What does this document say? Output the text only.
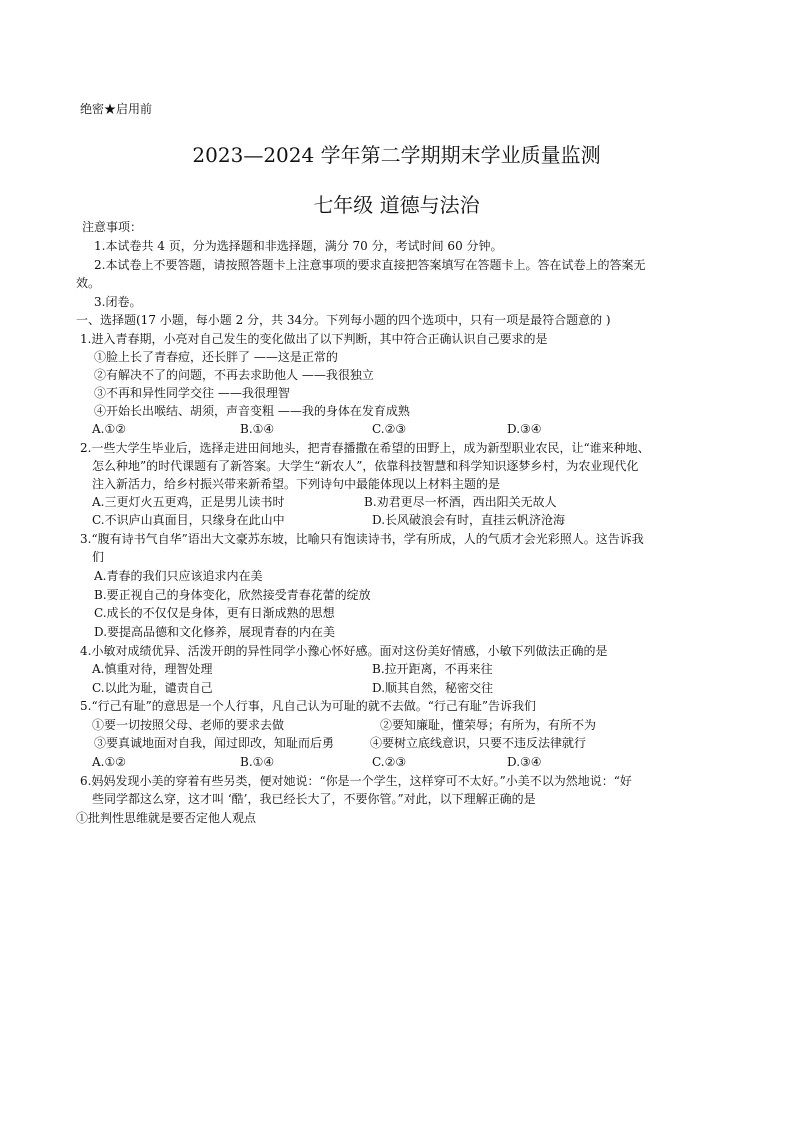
绝密★启用前
2023—2024 学年第二学期期末学业质量监测
七年级 道德与法治
注意事项：
1.本试卷共 4 页，分为选择题和非选择题，满分 70 分，考试时间 60 分钟。
2.本试卷上不要答题，请按照答题卡上注意事项的要求直接把答案填写在答题卡上。答在试卷上的答案无
效。
3.闭卷。
一、选择题(17 小题，每小题 2 分，共 34分。下列每小题的四个选项中，只有一项是最符合题意的 )
1.进入青春期，小亮对自己发生的变化做出了以下判断，其中符合正确认识自己要求的是
①脸上长了青春痘，还长胖了 ——这是正常的
②有解决不了的问题，不再去求助他人 ——我很独立
③不再和异性同学交往 ——我很理智
④开始长出喉结、胡须，声音变粗 ——我的身体在发育成熟
A.①②	B.①④	C.②③	D.③④
2.一些大学生毕业后，选择走进田间地头，把青春播撒在希望的田野上，成为新型职业农民，让“谁来种地、
怎么种地”的时代课题有了新答案。大学生“新农人”，依靠科技智慧和科学知识逐梦乡村，为农业现代化
注入新活力，给乡村振兴带来新希望。下列诗句中最能体现以上材料主题的是
A.三更灯火五更鸡，正是男儿读书时	B.劝君更尽一杯酒，西出阳关无故人
C.不识庐山真面目，只缘身在此山中	D.长风破浪会有时，直挂云帆济沧海
3.“腹有诗书气自华”语出大文豪苏东坡，比喻只有饱读诗书，学有所成，人的气质才会光彩照人。这告诉我
们
A.青春的我们只应该追求内在美
B.要正视自己的身体变化，欣然接受青春花蕾的绽放
C.成长的不仅仅是身体，更有日渐成熟的思想
D.要提高品德和文化修养，展现青春的内在美
4.小敏对成绩优异、活泼开朗的异性同学小豫心怀好感。面对这份美好情感，小敏下列做法正确的是
A.慎重对待，理智处理	B.拉开距离，不再来往
C.以此为耻，谴责自己	D.顺其自然，秘密交往
5.“行己有耻”的意思是一个人行事，凡自己认为可耻的就不去做。“行己有耻”告诉我们
①要一切按照父母、老师的要求去做	②要知廉耻，懂荣辱；有所为，有所不为
③要真诚地面对自我，闻过即改，知耻而后勇	④要树立底线意识，只要不违反法律就行
A.①②	B.①④	C.②③	D.③④
6.妈妈发现小美的穿着有些另类，便对她说：“你是一个学生，这样穿可不太好。”小美不以为然地说：“好
些同学都这么穿，这才叫 ‘酷’，我已经长大了，不要你管。”对此，以下理解正确的是
①批判性思维就是要否定他人观点
